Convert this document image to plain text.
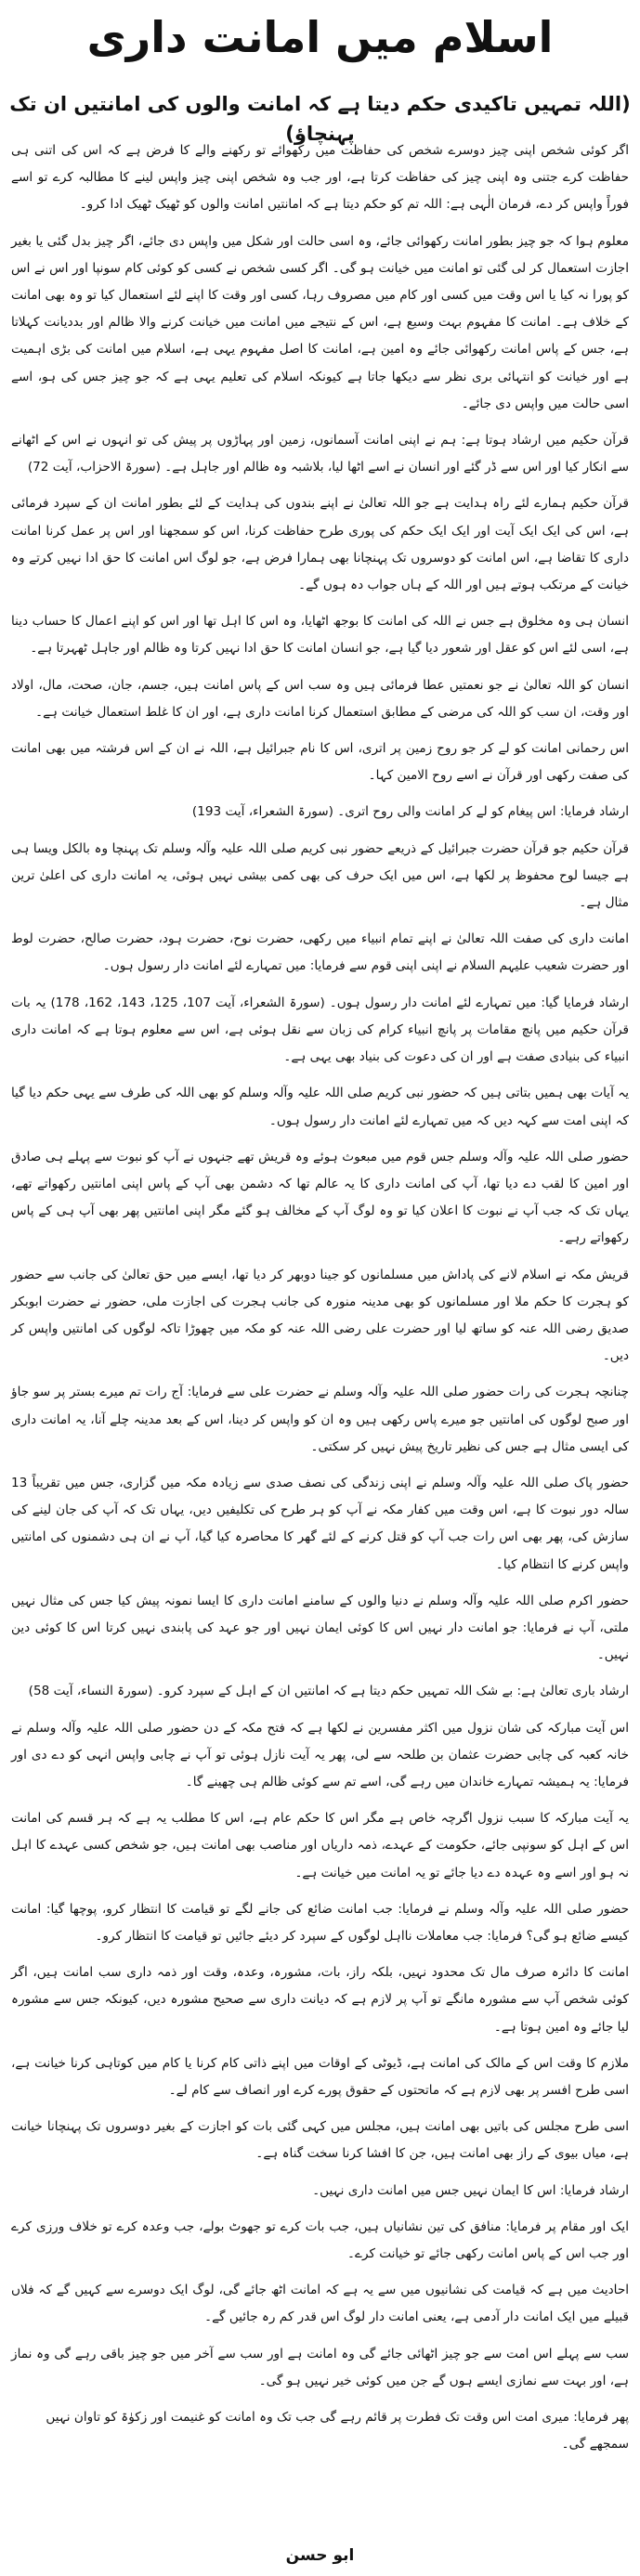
اسلام میں امانت داری
(اللہ تمہیں تاکیدی حکم دیتا ہے کہ امانت والوں کی امانتیں ان تک پہنچاؤ)

اگر کوئی شخص اپنی چیز دوسرے شخص کی حفاظت میں رکھوائے تو رکھنے والے کا فرض ہے کہ اس کی اتنی ہی حفاظت کرے جتنی وہ اپنی چیز کی حفاظت کرتا ہے، اور جب وہ شخص اپنی چیز واپس لینے کا مطالبہ کرے تو اسے فوراً واپس کر دے، فرمان الٰہی ہے: اللہ تم کو حکم دیتا ہے کہ امانتیں امانت والوں کو ٹھیک ٹھیک ادا کرو۔

معلوم ہوا کہ جو چیز بطور امانت رکھوائی جائے، وہ اسی حالت اور شکل میں واپس دی جائے، اگر چیز بدل گئی یا بغیر اجازت استعمال کر لی گئی تو امانت میں خیانت ہو گی۔ اگر کسی شخص نے کسی کو کوئی کام سونپا اور اس نے اس کو پورا نہ کیا یا اس وقت میں کسی اور کام میں مصروف رہا، کسی اور وقت کا اپنے لئے استعمال کیا تو وہ بھی امانت کے خلاف ہے۔ امانت کا مفہوم بہت وسیع ہے، اس کے نتیجے میں امانت میں خیانت کرنے والا ظالم اور بددیانت کہلاتا ہے، جس کے پاس امانت رکھوائی جائے وہ امین ہے، امانت کا اصل مفہوم یہی ہے، اسلام میں امانت کی بڑی اہمیت ہے اور خیانت کو انتہائی بری نظر سے دیکھا جاتا ہے کیونکہ اسلام کی تعلیم یہی ہے کہ جو چیز جس کی ہو، اسے اسی حالت میں واپس دی جائے۔

قرآن حکیم میں ارشاد ہوتا ہے: ہم نے اپنی امانت آسمانوں، زمین اور پہاڑوں پر پیش کی تو انہوں نے اس کے اٹھانے سے انکار کیا اور اس سے ڈر گئے اور انسان نے اسے اٹھا لیا، بلاشبہ وہ ظالم اور جاہل ہے۔ (سورۃ الاحزاب، آیت 72)

قرآن حکیم ہمارے لئے راہ ہدایت ہے جو اللہ تعالیٰ نے اپنے بندوں کی ہدایت کے لئے بطور امانت ان کے سپرد فرمائی ہے، اس کی ایک ایک آیت اور ایک ایک حکم کی پوری طرح حفاظت کرنا، اس کو سمجھنا اور اس پر عمل کرنا امانت داری کا تقاضا ہے، اس امانت کو دوسروں تک پہنچانا بھی ہمارا فرض ہے، جو لوگ اس امانت کا حق ادا نہیں کرتے وہ خیانت کے مرتکب ہوتے ہیں اور اللہ کے ہاں جواب دہ ہوں گے۔

انسان ہی وہ مخلوق ہے جس نے اللہ کی امانت کا بوجھ اٹھایا، وہ اس کا اہل تھا اور اس کو اپنے اعمال کا حساب دینا ہے، اسی لئے اس کو عقل اور شعور دیا گیا ہے، جو انسان امانت کا حق ادا نہیں کرتا وہ ظالم اور جاہل ٹھہرتا ہے۔

انسان کو اللہ تعالیٰ نے جو نعمتیں عطا فرمائی ہیں وہ سب اس کے پاس امانت ہیں، جسم، جان، صحت، مال، اولاد اور وقت، ان سب کو اللہ کی مرضی کے مطابق استعمال کرنا امانت داری ہے، اور ان کا غلط استعمال خیانت ہے۔

اس رحمانی امانت کو لے کر جو روح زمین پر اتری، اس کا نام جبرائیل ہے، اللہ نے ان کے اس فرشتہ میں بھی امانت کی صفت رکھی اور قرآن نے اسے روح الامین کہا۔

ارشاد فرمایا: اس پیغام کو لے کر امانت والی روح اتری۔ (سورۃ الشعراء، آیت 193)

قرآن حکیم جو قرآن حضرت جبرائیل کے ذریعے حضور نبی کریم صلی اللہ علیہ وآلہ وسلم تک پہنچا وہ بالکل ویسا ہی ہے جیسا لوح محفوظ پر لکھا ہے، اس میں ایک حرف کی بھی کمی بیشی نہیں ہوئی، یہ امانت داری کی اعلیٰ ترین مثال ہے۔

امانت داری کی صفت اللہ تعالیٰ نے اپنے تمام انبیاء میں رکھی، حضرت نوح، حضرت ہود، حضرت صالح، حضرت لوط اور حضرت شعیب علیہم السلام نے اپنی اپنی قوم سے فرمایا: میں تمہارے لئے امانت دار رسول ہوں۔

ارشاد فرمایا گیا: میں تمہارے لئے امانت دار رسول ہوں۔ (سورۃ الشعراء، آیت 107، 125، 143، 162، 178) یہ بات قرآن حکیم میں پانچ مقامات پر پانچ انبیاء کرام کی زبان سے نقل ہوئی ہے، اس سے معلوم ہوتا ہے کہ امانت داری انبیاء کی بنیادی صفت ہے اور ان کی دعوت کی بنیاد بھی یہی ہے۔

یہ آیات بھی ہمیں بتاتی ہیں کہ حضور نبی کریم صلی اللہ علیہ وآلہ وسلم کو بھی اللہ کی طرف سے یہی حکم دیا گیا کہ اپنی امت سے کہہ دیں کہ میں تمہارے لئے امانت دار رسول ہوں۔

حضور صلی اللہ علیہ وآلہ وسلم جس قوم میں مبعوث ہوئے وہ قریش تھے جنہوں نے آپ کو نبوت سے پہلے ہی صادق اور امین کا لقب دے دیا تھا، آپ کی امانت داری کا یہ عالم تھا کہ دشمن بھی آپ کے پاس اپنی امانتیں رکھواتے تھے، یہاں تک کہ جب آپ نے نبوت کا اعلان کیا تو وہ لوگ آپ کے مخالف ہو گئے مگر اپنی امانتیں پھر بھی آپ ہی کے پاس رکھواتے رہے۔

قریش مکہ نے اسلام لانے کی پاداش میں مسلمانوں کو جینا دوبھر کر دیا تھا، ایسے میں حق تعالیٰ کی جانب سے حضور کو ہجرت کا حکم ملا اور مسلمانوں کو بھی مدینہ منورہ کی جانب ہجرت کی اجازت ملی، حضور نے حضرت ابوبکر صدیق رضی اللہ عنہ کو ساتھ لیا اور حضرت علی رضی اللہ عنہ کو مکہ میں چھوڑا تاکہ لوگوں کی امانتیں واپس کر دیں۔

چنانچہ ہجرت کی رات حضور صلی اللہ علیہ وآلہ وسلم نے حضرت علی سے فرمایا: آج رات تم میرے بستر پر سو جاؤ اور صبح لوگوں کی امانتیں جو میرے پاس رکھی ہیں وہ ان کو واپس کر دینا، اس کے بعد مدینہ چلے آنا، یہ امانت داری کی ایسی مثال ہے جس کی نظیر تاریخ پیش نہیں کر سکتی۔

حضور پاک صلی اللہ علیہ وآلہ وسلم نے اپنی زندگی کی نصف صدی سے زیادہ مکہ میں گزاری، جس میں تقریباً 13 سالہ دور نبوت کا ہے، اس وقت میں کفار مکہ نے آپ کو ہر طرح کی تکلیفیں دیں، یہاں تک کہ آپ کی جان لینے کی سازش کی، پھر بھی اس رات جب آپ کو قتل کرنے کے لئے گھر کا محاصرہ کیا گیا، آپ نے ان ہی دشمنوں کی امانتیں واپس کرنے کا انتظام کیا۔

حضور اکرم صلی اللہ علیہ وآلہ وسلم نے دنیا والوں کے سامنے امانت داری کا ایسا نمونہ پیش کیا جس کی مثال نہیں ملتی، آپ نے فرمایا: جو امانت دار نہیں اس کا کوئی ایمان نہیں اور جو عہد کی پابندی نہیں کرتا اس کا کوئی دین نہیں۔

ارشاد باری تعالیٰ ہے: بے شک اللہ تمہیں حکم دیتا ہے کہ امانتیں ان کے اہل کے سپرد کرو۔ (سورۃ النساء، آیت 58)

اس آیت مبارکہ کی شان نزول میں اکثر مفسرین نے لکھا ہے کہ فتح مکہ کے دن حضور صلی اللہ علیہ وآلہ وسلم نے خانہ کعبہ کی چابی حضرت عثمان بن طلحہ سے لی، پھر یہ آیت نازل ہوئی تو آپ نے چابی واپس انہی کو دے دی اور فرمایا: یہ ہمیشہ تمہارے خاندان میں رہے گی، اسے تم سے کوئی ظالم ہی چھینے گا۔

یہ آیت مبارکہ کا سبب نزول اگرچہ خاص ہے مگر اس کا حکم عام ہے، اس کا مطلب یہ ہے کہ ہر قسم کی امانت اس کے اہل کو سونپی جائے، حکومت کے عہدے، ذمہ داریاں اور مناصب بھی امانت ہیں، جو شخص کسی عہدے کا اہل نہ ہو اور اسے وہ عہدہ دے دیا جائے تو یہ امانت میں خیانت ہے۔

حضور صلی اللہ علیہ وآلہ وسلم نے فرمایا: جب امانت ضائع کی جانے لگے تو قیامت کا انتظار کرو، پوچھا گیا: امانت کیسے ضائع ہو گی؟ فرمایا: جب معاملات نااہل لوگوں کے سپرد کر دیئے جائیں تو قیامت کا انتظار کرو۔

امانت کا دائرہ صرف مال تک محدود نہیں، بلکہ راز، بات، مشورہ، وعدہ، وقت اور ذمہ داری سب امانت ہیں، اگر کوئی شخص آپ سے مشورہ مانگے تو آپ پر لازم ہے کہ دیانت داری سے صحیح مشورہ دیں، کیونکہ جس سے مشورہ لیا جائے وہ امین ہوتا ہے۔

ملازم کا وقت اس کے مالک کی امانت ہے، ڈیوٹی کے اوقات میں اپنے ذاتی کام کرنا یا کام میں کوتاہی کرنا خیانت ہے، اسی طرح افسر پر بھی لازم ہے کہ ماتحتوں کے حقوق پورے کرے اور انصاف سے کام لے۔

اسی طرح مجلس کی باتیں بھی امانت ہیں، مجلس میں کہی گئی بات کو اجازت کے بغیر دوسروں تک پہنچانا خیانت ہے، میاں بیوی کے راز بھی امانت ہیں، جن کا افشا کرنا سخت گناہ ہے۔

ارشاد فرمایا: اس کا ایمان نہیں جس میں امانت داری نہیں۔

ایک اور مقام پر فرمایا: منافق کی تین نشانیاں ہیں، جب بات کرے تو جھوٹ بولے، جب وعدہ کرے تو خلاف ورزی کرے اور جب اس کے پاس امانت رکھی جائے تو خیانت کرے۔

احادیث میں ہے کہ قیامت کی نشانیوں میں سے یہ ہے کہ امانت اٹھ جائے گی، لوگ ایک دوسرے سے کہیں گے کہ فلاں قبیلے میں ایک امانت دار آدمی ہے، یعنی امانت دار لوگ اس قدر کم رہ جائیں گے۔

سب سے پہلے اس امت سے جو چیز اٹھائی جائے گی وہ امانت ہے اور سب سے آخر میں جو چیز باقی رہے گی وہ نماز ہے، اور بہت سے نمازی ایسے ہوں گے جن میں کوئی خیر نہیں ہو گی۔

پھر فرمایا: میری امت اس وقت تک فطرت پر قائم رہے گی جب تک وہ امانت کو غنیمت اور زکوٰۃ کو تاوان نہیں سمجھے گی۔

ابو حسن
